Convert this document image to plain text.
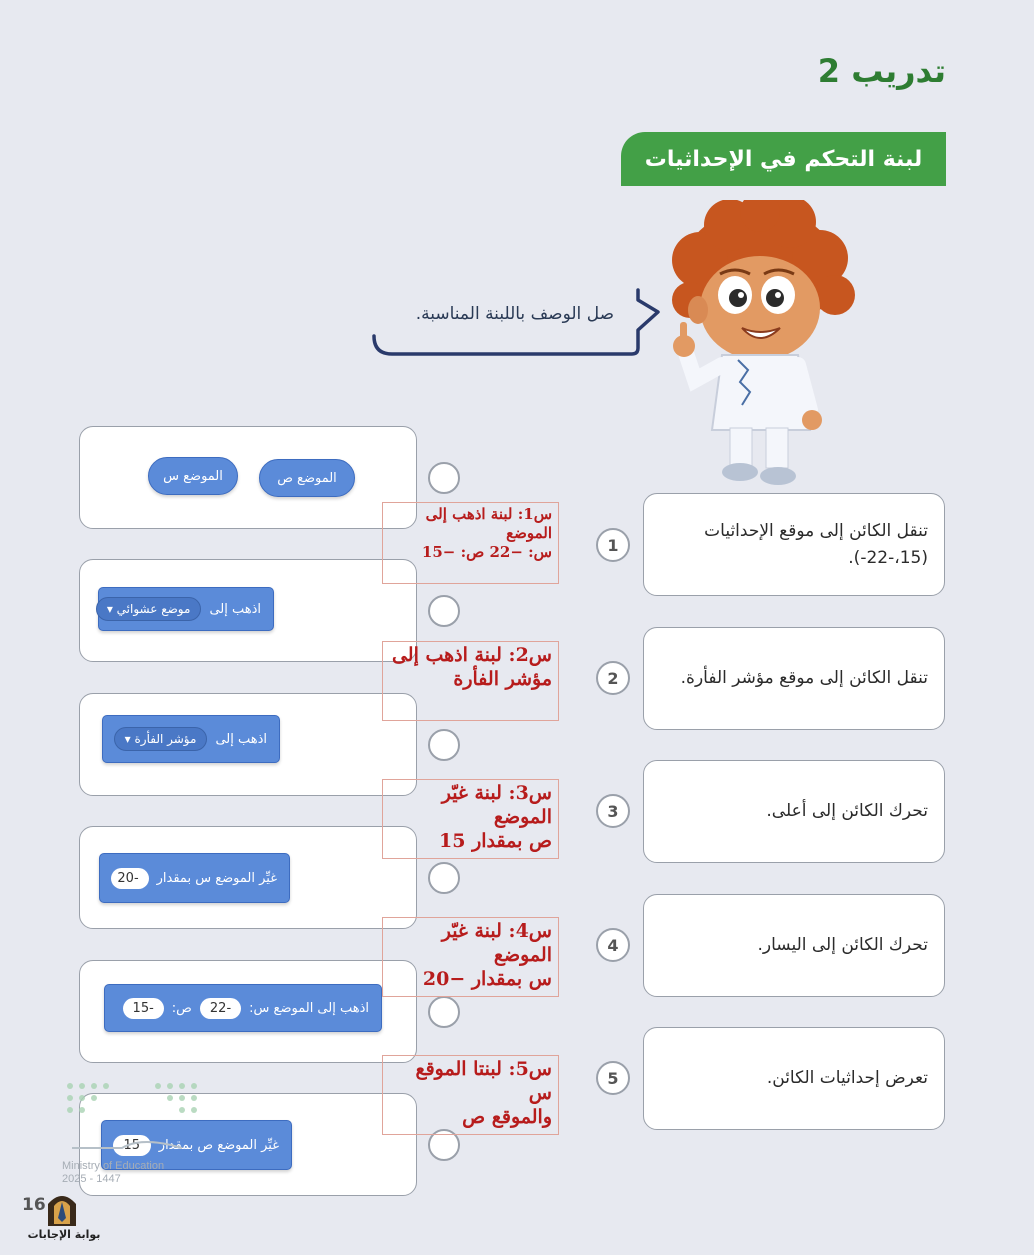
تدريب 2
لبنة التحكم في الإحداثيات
صل الوصف باللبنة المناسبة.
تنقل الكائن إلى موقع الإحداثيات (15،-22-).
تنقل الكائن إلى موقع مؤشر الفأرة.
تحرك الكائن إلى أعلى.
تحرك الكائن إلى اليسار.
تعرض إحداثيات الكائن.
1
2
3
4
5
الموضع س	الموضع ص
اذهب إلى
موضع عشوائي ▾
اذهب إلى
مؤشر الفأرة ▾
غيِّر الموضع س بمقدار
-20
اذهب إلى الموضع س:
-22
ص:
-15
غيِّر الموضع ص بمقدار
15
س1: لبنة اذهب إلى الموضع
س: −22 ص: −15
س2: لبنة اذهب إلى
مؤشر الفأرة
س3: لبنة غيّر الموضع
ص بمقدار 15
س4: لبنة غيّر الموضع
س بمقدار −20
س5: لبنتا الموقع س
والموقع ص
Ministry of Education
2025 - 1447
16
بوابة الإجابات
